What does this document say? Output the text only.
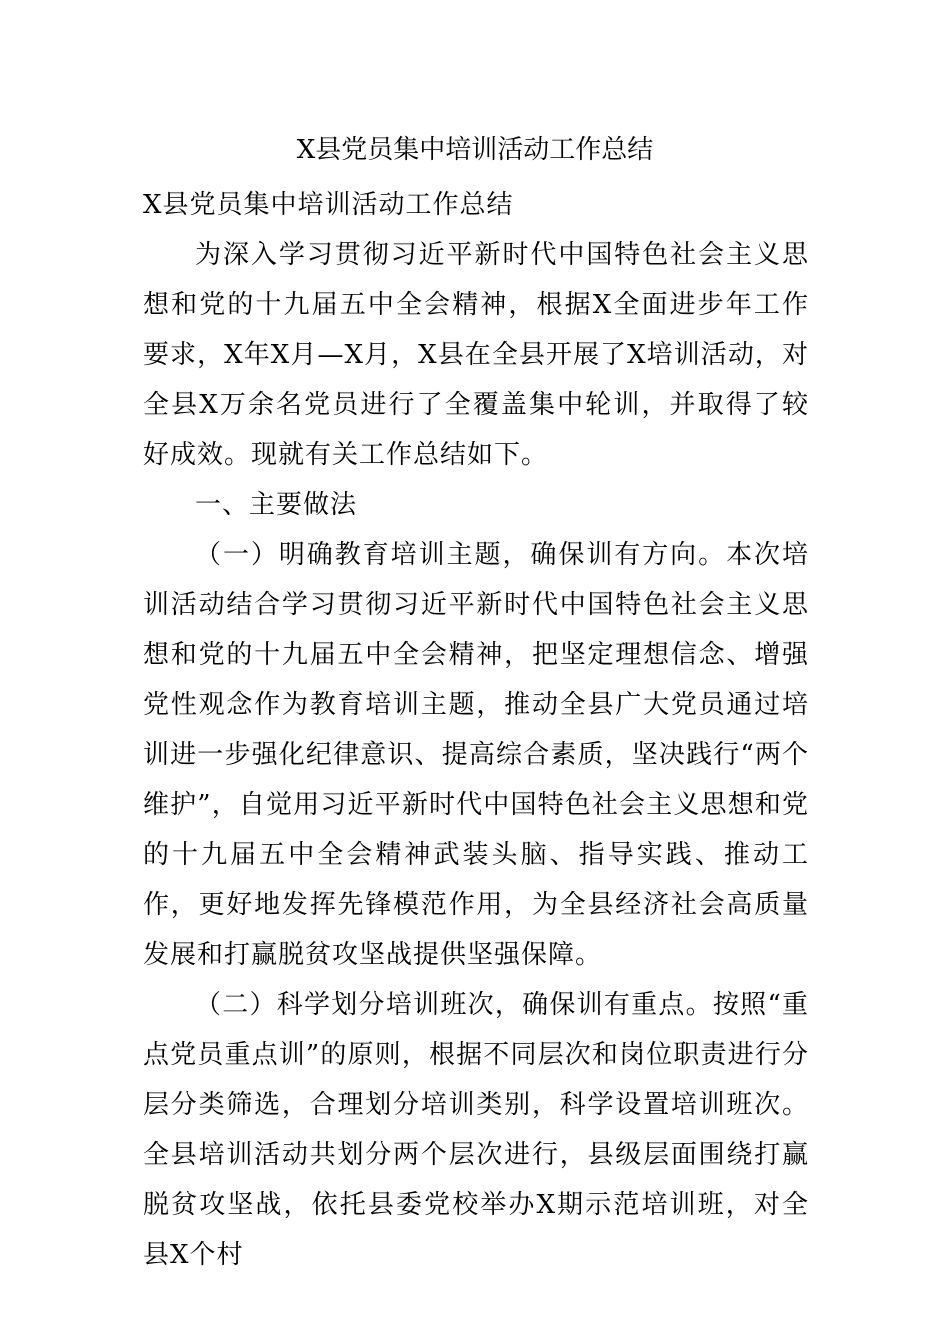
X县党员集中培训活动工作总结

X县党员集中培训活动工作总结

为深入学习贯彻习近平新时代中国特色社会主义思想和党的十九届五中全会精神，根据X全面进步年工作要求，X年X月—X月，X县在全县开展了X培训活动，对全县X万余名党员进行了全覆盖集中轮训，并取得了较好成效。现就有关工作总结如下。

一、主要做法

（一）明确教育培训主题，确保训有方向。本次培训活动结合学习贯彻习近平新时代中国特色社会主义思想和党的十九届五中全会精神，把坚定理想信念、增强党性观念作为教育培训主题，推动全县广大党员通过培训进一步强化纪律意识、提高综合素质，坚决践行“两个维护”，自觉用习近平新时代中国特色社会主义思想和党的十九届五中全会精神武装头脑、指导实践、推动工作，更好地发挥先锋模范作用，为全县经济社会高质量发展和打赢脱贫攻坚战提供坚强保障。

（二）科学划分培训班次，确保训有重点。按照“重点党员重点训”的原则，根据不同层次和岗位职责进行分层分类筛选，合理划分培训类别，科学设置培训班次。全县培训活动共划分两个层次进行，县级层面围绕打赢脱贫攻坚战，依托县委党校举办X期示范培训班，对全县X个村
